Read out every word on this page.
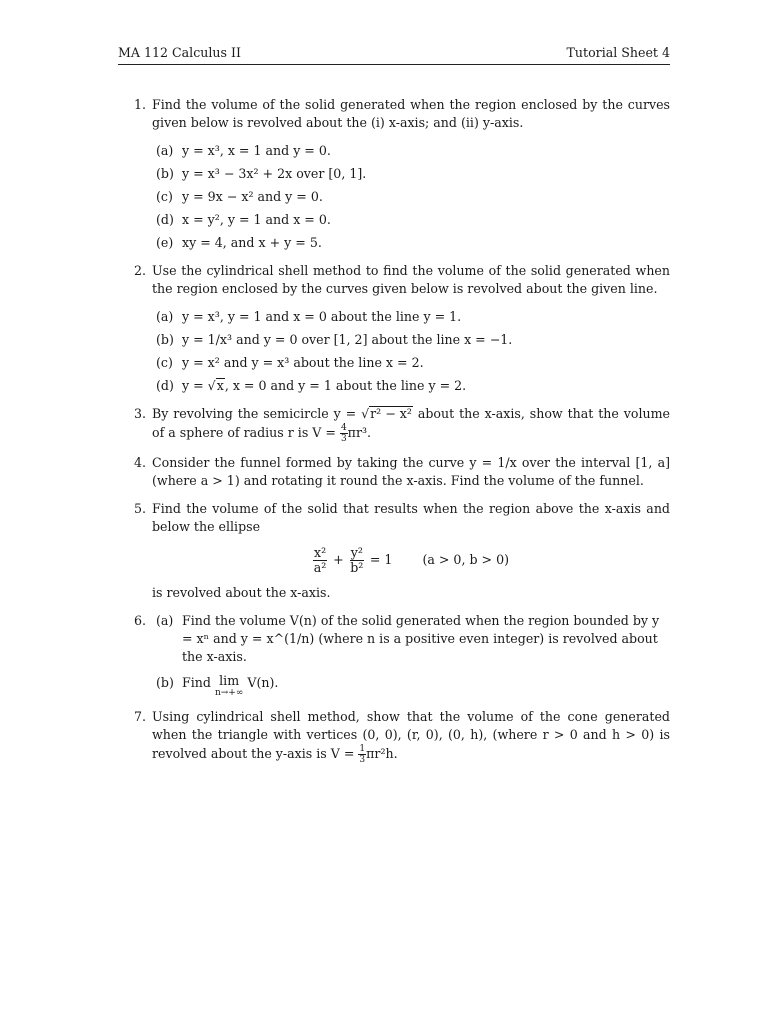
MA 112 Calculus II	Tutorial Sheet 4
1. Find the volume of the solid generated when the region enclosed by the curves given below is revolved about the (i) x-axis; and (ii) y-axis.

(a) y = x³, x = 1 and y = 0.
(b) y = x³ − 3x² + 2x over [0, 1].
(c) y = 9x − x² and y = 0.
(d) x = y², y = 1 and x = 0.
(e) xy = 4, and x + y = 5.
2. Use the cylindrical shell method to find the volume of the solid generated when the region enclosed by the curves given below is revolved about the given line.

(a) y = x³, y = 1 and x = 0 about the line y = 1.
(b) y = 1/x³ and y = 0 over [1, 2] about the line x = −1.
(c) y = x² and y = x³ about the line x = 2.
(d) y = √x, x = 0 and y = 1 about the line y = 2.
3. By revolving the semicircle y = √r² − x² about the x-axis, show that the volume of a sphere of radius r is $V = \frac{4}{3} \pi r^3$.

4. Consider the funnel formed by taking the curve y = 1/x over the interval [1, a] (where a > 1) and rotating it round the x-axis. Find the volume of the funnel.

5. Find the volume of the solid that results when the region above the x-axis and below the ellipse

$\frac{\text{x²}}{\text{a²}} + \frac{\text{y²}}{\text{b²}} = 1$ (a > 0, b > 0)

is revolved about the x-axis.

6. (a) Find the volume V(n) of the solid generated when the region bounded by y = xⁿ and y = x^(1/n) (where n is a positive even integer) is revolved about the x-axis.
(b) Find lim
n→+∞
V(n).
7. Using cylindrical shell method, show that the volume of the cone generated when the triangle with vertices (0, 0), (r, 0), (0, h), (where r > 0 and h > 0) is revolved about the y-axis is $V = \frac{1}{3} \pi r^2h$.
